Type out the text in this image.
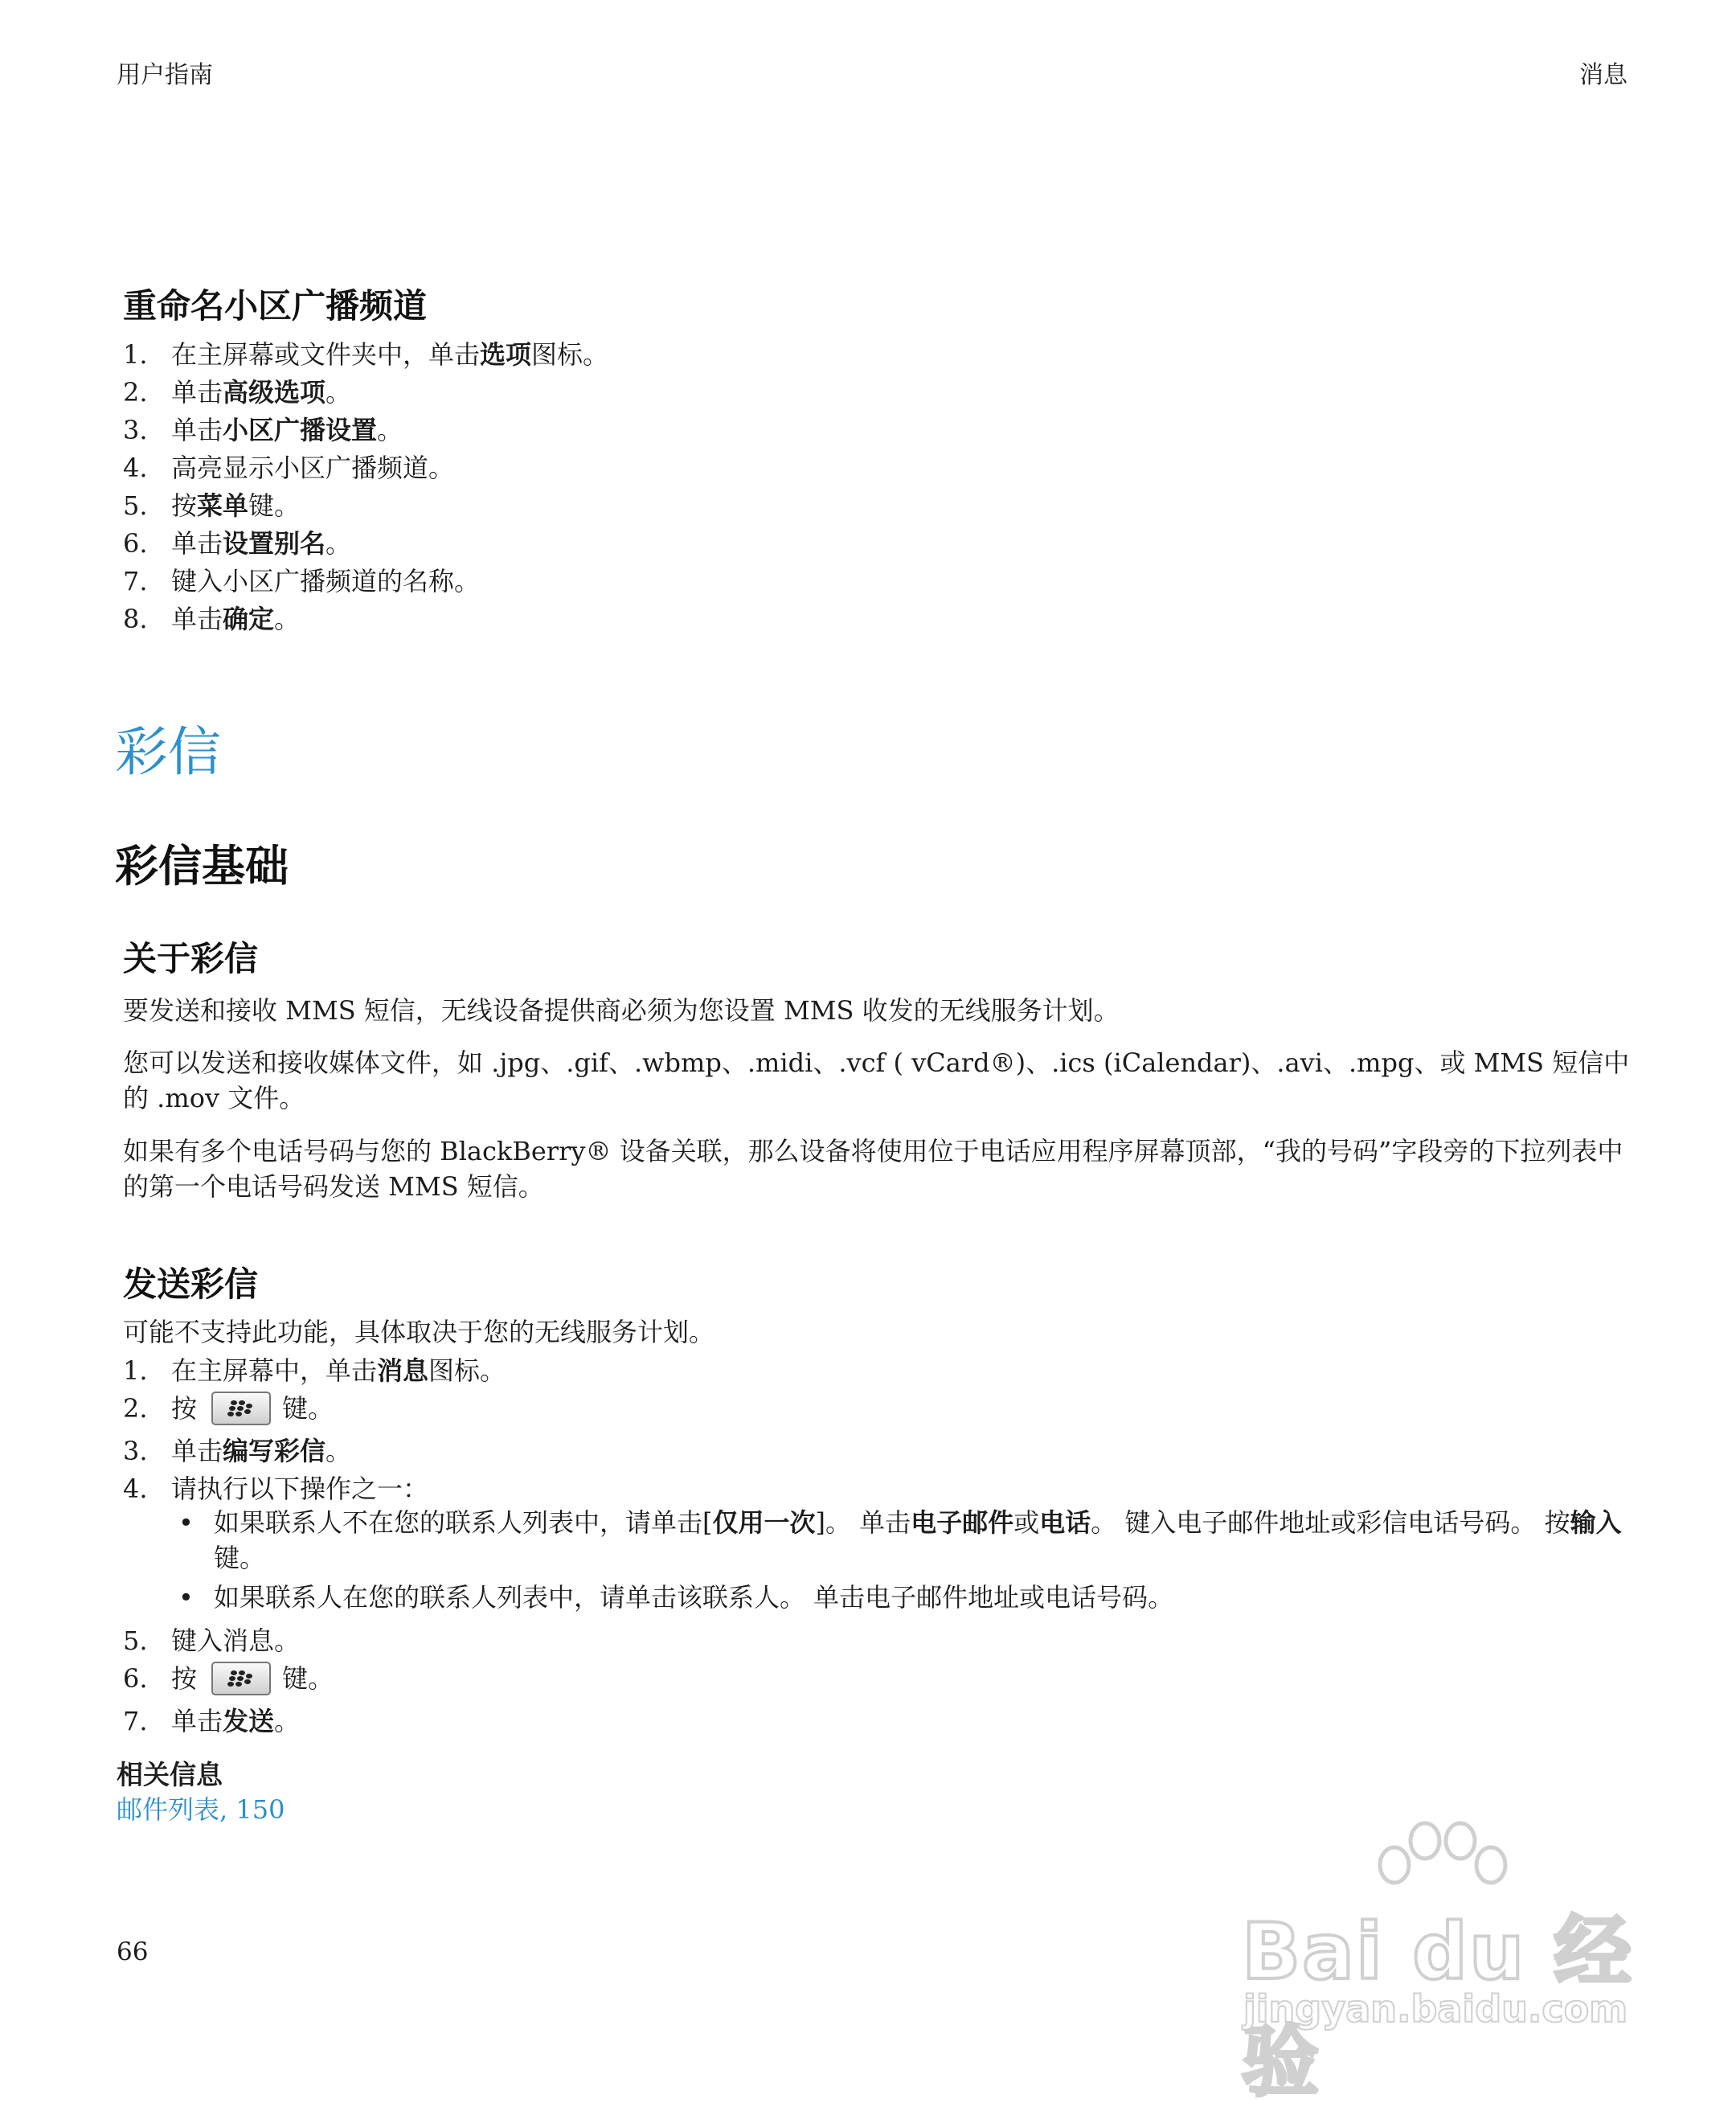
用户指南	消息
重命名小区广播频道
1. 在主屏幕或文件夹中，单击选项图标。
2. 单击高级选项。
3. 单击小区广播设置。
4. 高亮显示小区广播频道。
5. 按菜单键。
6. 单击设置别名。
7. 键入小区广播频道的名称。
8. 单击确定。
彩信
彩信基础
关于彩信
要发送和接收 MMS 短信，无线设备提供商必须为您设置 MMS 收发的无线服务计划。
您可以发送和接收媒体文件，如 .jpg、.gif、.wbmp、.midi、.vcf ( vCard®)、.ics (iCalendar)、.avi、.mpg、或 MMS 短信中的 .mov 文件。
如果有多个电话号码与您的 BlackBerry® 设备关联，那么设备将使用位于电话应用程序屏幕顶部，“我的号码”字段旁的下拉列表中的第一个电话号码发送 MMS 短信。
发送彩信
可能不支持此功能，具体取决于您的无线服务计划。
1. 在主屏幕中，单击消息图标。
2. 按	键。
3. 单击编写彩信。
4. 请执行以下操作之一：
• 如果联系人不在您的联系人列表中，请单击[仅用一次]。 单击电子邮件或电话。 键入电子邮件地址或彩信电话号码。 按输入键。
• 如果联系人在您的联系人列表中，请单击该联系人。 单击电子邮件地址或电话号码。
5. 键入消息。
6. 按	键。
7. 单击发送。
相关信息
邮件列表, 150
66	Bai du 经验
jingyan.baidu.com
